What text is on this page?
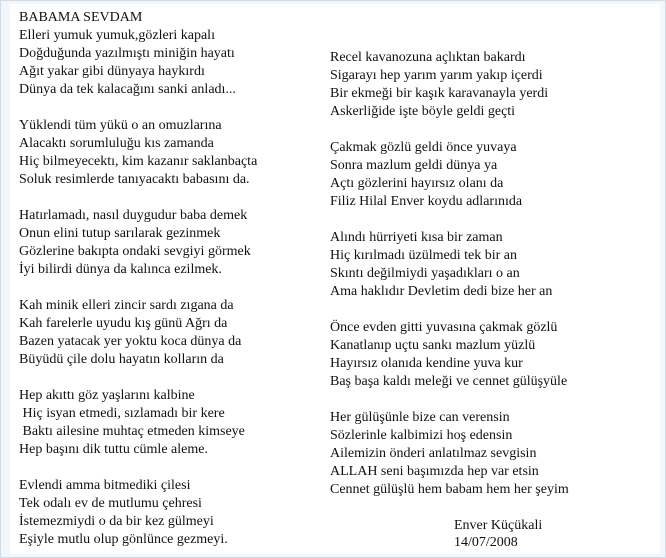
BABAMA SEVDAM
Elleri yumuk yumuk,gözleri kapalı
Doğduğunda yazılmıştı miniğin hayatı
Ağıt yakar gibi dünyaya haykırdı
Dünya da tek kalacağını sanki anladı...
Yüklendi tüm yükü o an omuzlarına
Alacaktı sorumluluğu kıs zamanda
Hiç bilmeyecektı, kim kazanır saklanbaçta
Soluk resimlerde tanıyacaktı babasını da.
Hatırlamadı, nasıl duygudur baba demek
Onun elini tutup sarılarak gezinmek
Gözlerine bakıpta ondaki sevgiyi görmek
İyi bilirdi dünya da kalınca ezilmek.
Kah minik elleri zincir sardı zıgana da
Kah farelerle uyudu kış günü Ağrı da
Bazen yatacak yer yoktu koca dünya da
Büyüdü çile dolu hayatın kolların da
Hep akıttı göz yaşlarını kalbine
Hiç isyan etmedi, sızlamadı bir kere
Baktı ailesine muhtaç etmeden kimseye
Hep başını dik tuttu cümle aleme.
Evlendi amma bitmediki çilesi
Tek odalı ev de mutlumu çehresi
İstemezmiydi o da bir kez gülmeyi
Eşiyle mutlu olup gönlünce gezmeyi.
Recel kavanozuna açlıktan bakardı
Sigarayı hep yarım yarım yakıp içerdi
Bir ekmeği bir kaşık karavanayla yerdi
Askerliğide işte böyle geldi geçti
Çakmak gözlü geldi önce yuvaya
Sonra mazlum geldi dünya ya
Açtı gözlerini hayırsız olanı da
Filiz Hilal Enver koydu adlarınıda
Alındı hürriyeti kısa bir zaman
Hiç kırılmadı üzülmedi tek bir an
Skıntı değilmiydi yaşadıkları o an
Ama haklıdır Devletim dedi bize her an
Önce evden gitti yuvasına çakmak gözlü
Kanatlanıp uçtu sankı mazlum yüzlü
Hayırsız olanıda kendine yuva kur
Baş başa kaldı meleği ve cennet gülüşyüle
Her gülüşünle bize can verensin
Sözlerinle kalbimizi hoş edensin
Ailemizin önderi anlatılmaz sevgisin
ALLAH seni başımızda hep var etsin
Cennet gülüşlü hem babam hem her şeyim
Enver Küçükali
14/07/2008
